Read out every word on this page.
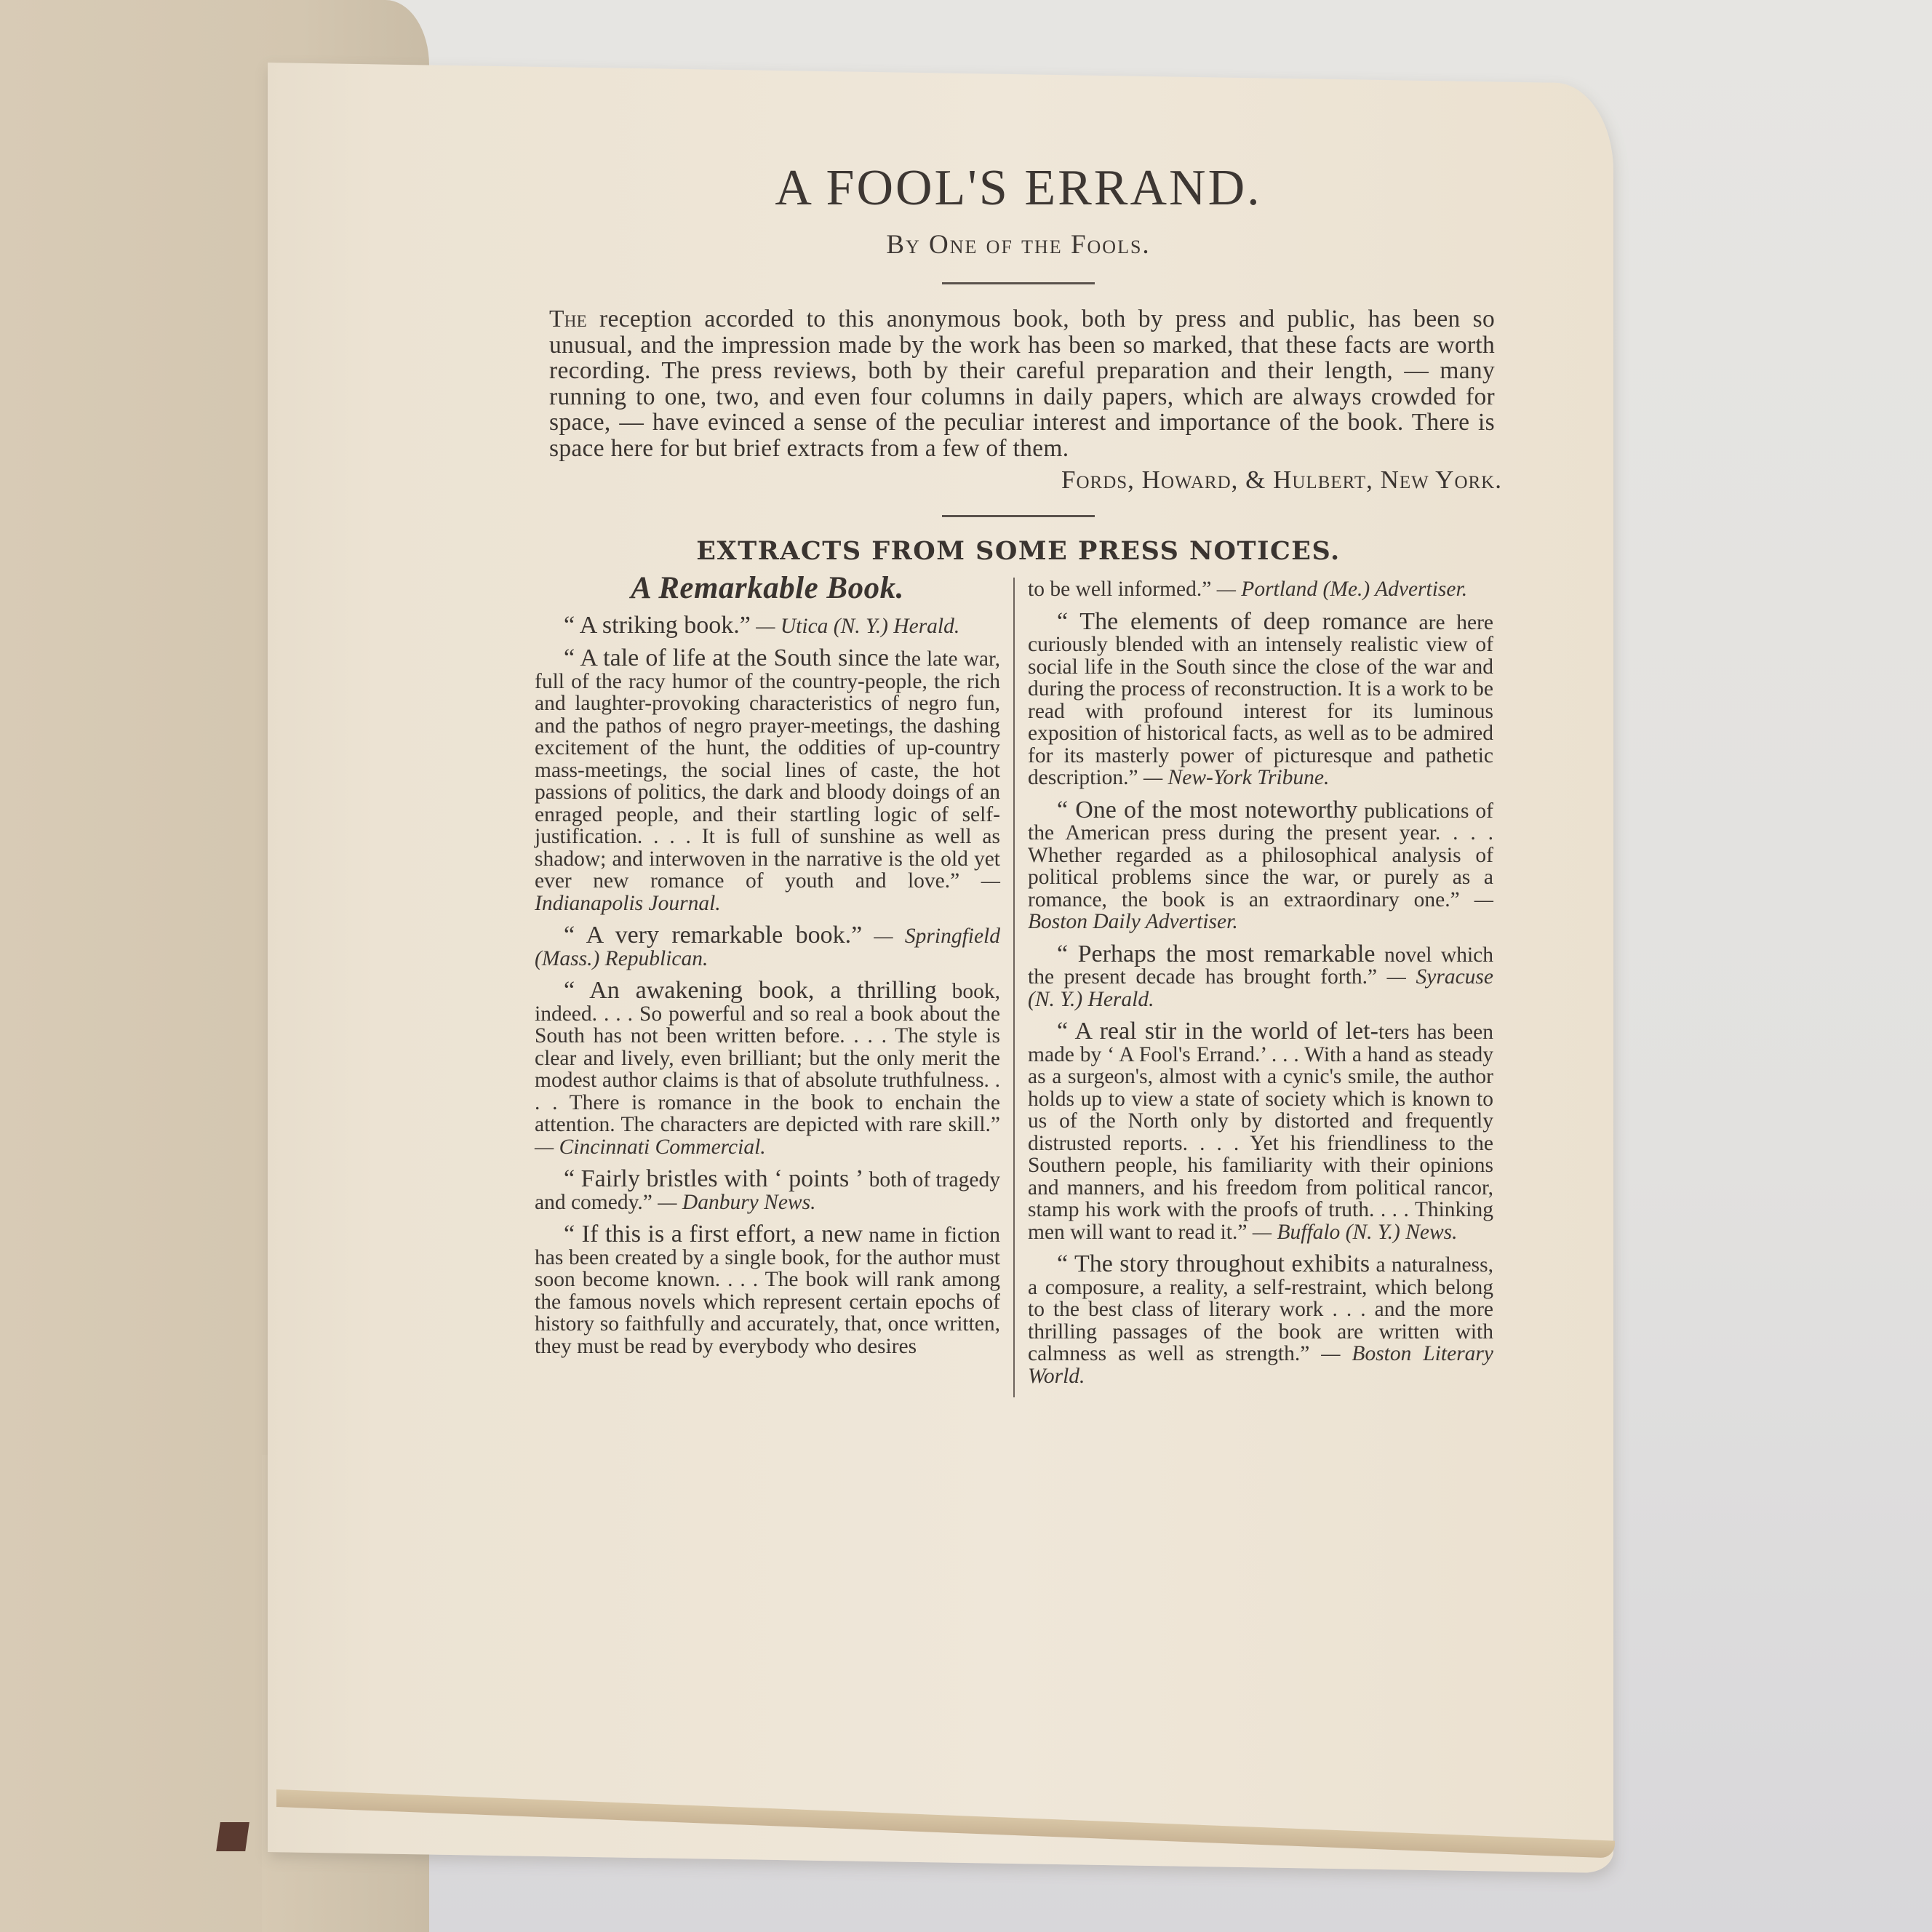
A FOOL'S ERRAND.
By One of the Fools.

The reception accorded to this anonymous book, both by press and public, has been so unusual, and the impression made by the work has been so marked, that these facts are worth recording. The press reviews, both by their careful preparation and their length, — many running to one, two, and even four columns in daily papers, which are always crowded for space, — have evinced a sense of the peculiar interest and importance of the book. There is space here for but brief extracts from a few of them.

Fords, Howard, & Hulbert, New York.
EXTRACTS FROM SOME PRESS NOTICES.
A Remarkable Book.

“ A striking book.” — Utica (N. Y.) Herald.

“ A tale of life at the South since the late war, full of the racy humor of the country-people, the rich and laughter-provoking characteristics of negro fun, and the pathos of negro prayer-meetings, the dashing excitement of the hunt, the oddities of up-country mass-meetings, the social lines of caste, the hot passions of politics, the dark and bloody doings of an enraged people, and their startling logic of self-justification. . . . It is full of sunshine as well as shadow; and interwoven in the narrative is the old yet ever new romance of youth and love.” — Indianapolis Journal.

“ A very remarkable book.” — Springfield (Mass.) Republican.

“ An awakening book, a thrilling book, indeed. . . . So powerful and so real a book about the South has not been written before. . . . The style is clear and lively, even brilliant; but the only merit the modest author claims is that of absolute truthfulness. . . . There is romance in the book to enchain the attention. The characters are depicted with rare skill.” — Cincinnati Commercial.

“ Fairly bristles with ‘ points ’ both of tragedy and comedy.” — Danbury News.

“ If this is a first effort, a new name in fiction has been created by a single book, for the author must soon become known. . . . The book will rank among the famous novels which represent certain epochs of history so faithfully and accurately, that, once written, they must be read by everybody who desires

to be well informed.” — Portland (Me.) Advertiser.

“ The elements of deep romance are here curiously blended with an intensely realistic view of social life in the South since the close of the war and during the process of reconstruction. It is a work to be read with profound interest for its luminous exposition of historical facts, as well as to be admired for its masterly power of picturesque and pathetic description.” — New-York Tribune.

“ One of the most noteworthy publications of the American press during the present year. . . . Whether regarded as a philosophical analysis of political problems since the war, or purely as a romance, the book is an extraordinary one.” — Boston Daily Advertiser.

“ Perhaps the most remarkable novel which the present decade has brought forth.” — Syracuse (N. Y.) Herald.

“ A real stir in the world of let-ters has been made by ‘ A Fool's Errand.’ . . . With a hand as steady as a surgeon's, almost with a cynic's smile, the author holds up to view a state of society which is known to us of the North only by distorted and frequently distrusted reports. . . . Yet his friendliness to the Southern people, his familiarity with their opinions and manners, and his freedom from political rancor, stamp his work with the proofs of truth. . . . Thinking men will want to read it.” — Buffalo (N. Y.) News.

“ The story throughout exhibits a naturalness, a composure, a reality, a self-restraint, which belong to the best class of literary work . . . and the more thrilling passages of the book are written with calmness as well as strength.” — Boston Literary World.
